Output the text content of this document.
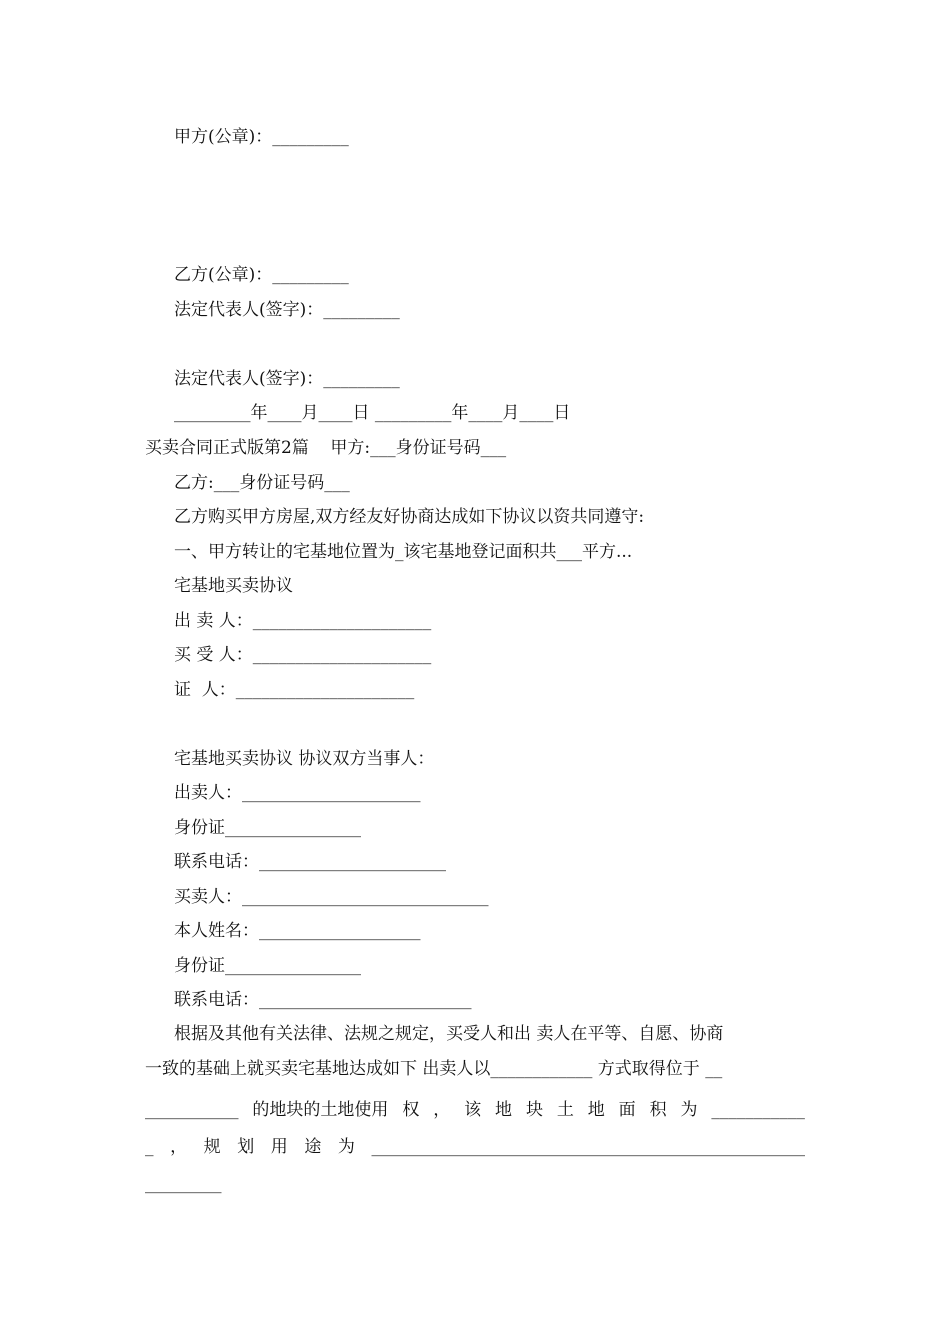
甲方(公章)：_________
乙方(公章)：_________
法定代表人(签字)：_________
法定代表人(签字)：_________
_________年____月____日 _________年____月____日
买卖合同正式版第2篇    甲方:___身份证号码___
乙方:___身份证号码___
乙方购买甲方房屋,双方经友好协商达成如下协议以资共同遵守:
一、甲方转让的宅基地位置为_该宅基地登记面积共___平方...
宅基地买卖协议
出 卖 人：_____________________
买 受 人：_____________________
证  人：_____________________
宅基地买卖协议 协议双方当事人：
出卖人：_____________________
身份证________________
联系电话：______________________
买卖人：_____________________________
本人姓名：___________________
身份证________________
联系电话：_________________________
根据及其他有关法律、法规之规定，买受人和出 卖人在平等、自愿、协商
一致的基础上就买卖宅基地达成如下 出卖人以____________ 方式取得位于 __
___________ 的地块的土地使用 权 ， 该 地 块 土 地 面 积 为 ___________
_ ， 规 划 用 途 为 ___________________________________________________
_________
